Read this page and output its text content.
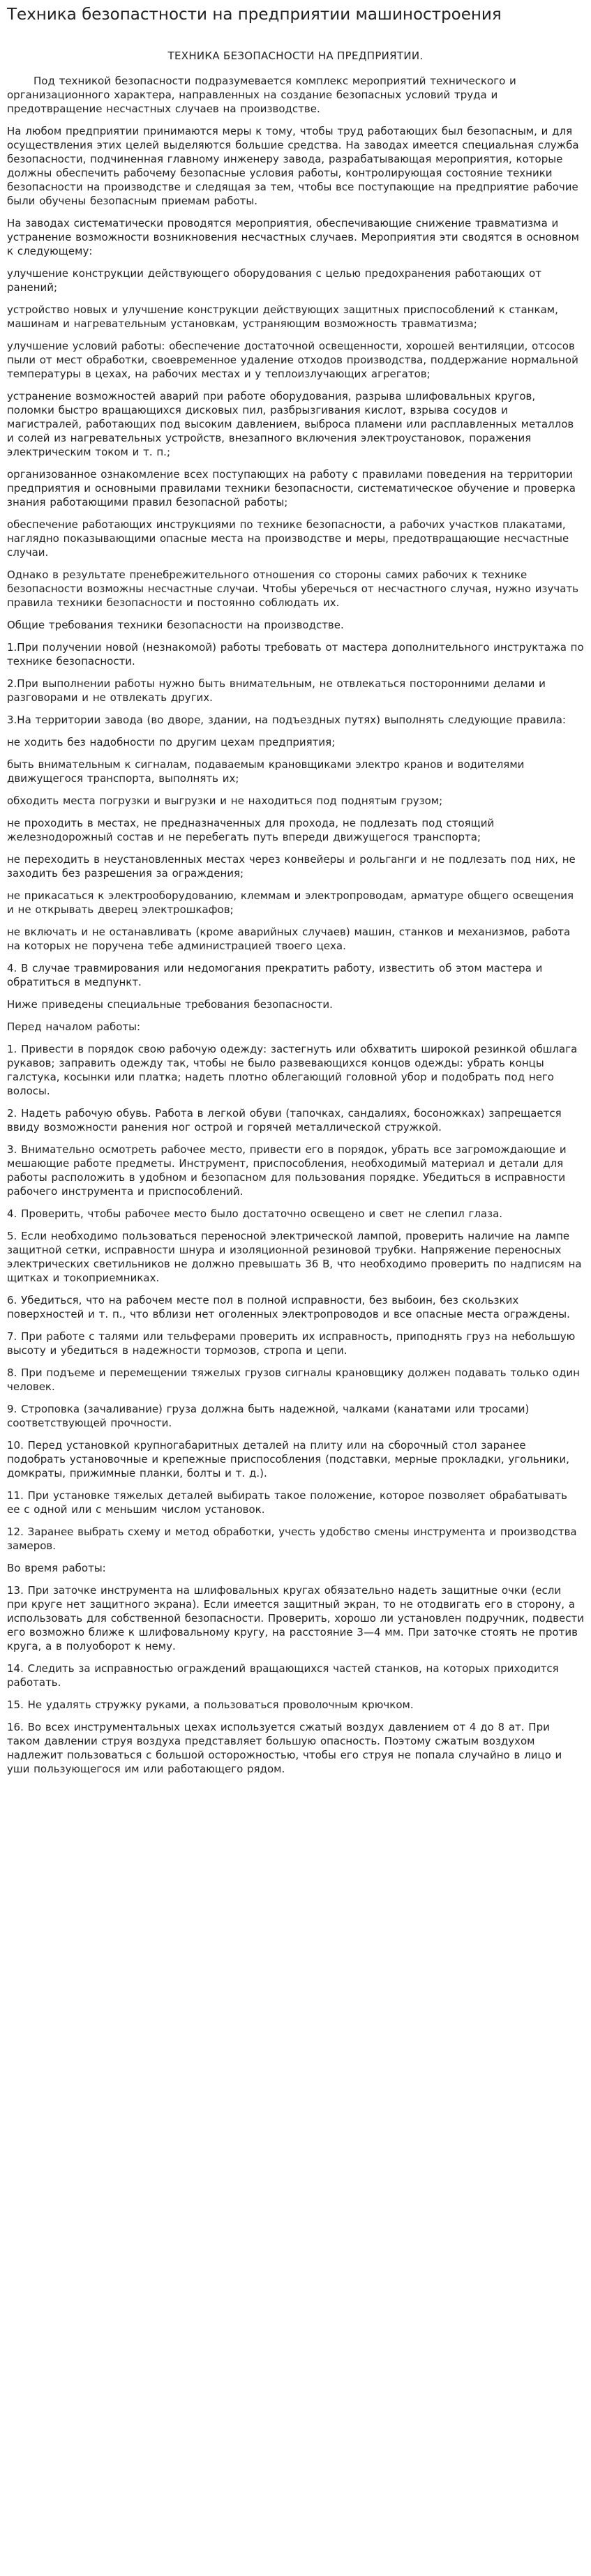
Техника безопастности на предприятии машиностроения
ТЕХНИКА БЕЗОПАСНОСТИ НА ПРЕДПРИЯТИИ.

Под техникой безопасности подразумевается комплекс мероприятий технического и организационного характера, направленных на создание безопасных условий труда и предотвращение несчастных случаев на производстве.

На любом предприятии принимаются меры к тому, чтобы труд работающих был безопасным, и для осуществления этих целей выделяются большие средства. На заводах имеется специальная служба безопасности, подчиненная главному инженеру завода, разрабатывающая мероприятия, которые должны обеспечить рабочему безопасные условия работы, контролирующая состояние техники безопасности на производстве и следящая за тем, чтобы все поступающие на предприятие рабочие были обучены безопасным приемам работы.

На заводах систематически проводятся мероприятия, обеспечивающие снижение травматизма и устранение возможности возникновения несчастных случаев. Мероприятия эти сводятся в основном к следующему:

улучшение конструкции действующего оборудования с целью предохранения работающих от ранений;

устройство новых и улучшение конструкции действующих защитных приспособлений к станкам, машинам и нагревательным установкам, устраняющим возможность травматизма;

улучшение условий работы: обеспечение достаточной освещенности, хорошей вентиляции, отсосов пыли от мест обработки, своевременное удаление отходов производства, поддержание нормальной температуры в цехах, на рабочих местах и у теплоизлучающих агрегатов;

устранение возможностей аварий при работе оборудования, разрыва шлифовальных кругов, поломки быстро вращающихся дисковых пил, разбрызгивания кислот, взрыва сосудов и магистралей, работающих под высоким давлением, выброса пламени или расплавленных металлов и солей из нагревательных устройств, внезапного включения электроустановок, поражения электрическим током и т. п.;

организованное ознакомление всех поступающих на работу с правилами поведения на территории предприятия и основными правилами техники безопасности, систематическое обучение и проверка знания работающими правил безопасной работы;

обеспечение работающих инструкциями по технике безопасности, а рабочих участков плакатами, наглядно показывающими опасные места на производстве и меры, предотвращающие несчастные случаи.

Однако в результате пренебрежительного отношения со стороны самих рабочих к технике безопасности возможны несчастные случаи. Чтобы уберечься от несчастного случая, нужно изучать правила техники безопасности и постоянно соблюдать их.

Общие требования техники безопасности на производстве.

1.При получении новой (незнакомой) работы требовать от мастера дополнительного инструктажа по технике безопасности.

2.При выполнении работы нужно быть внимательным, не отвлекаться посторонними делами и разговорами и не отвлекать других.

3.На территории завода (во дворе, здании, на подъездных путях) выполнять следующие правила:

не ходить без надобности по другим цехам предприятия;

быть внимательным к сигналам, подаваемым крановщиками электро кранов и водителями движущегося транспорта, выполнять их;

обходить места погрузки и выгрузки и не находиться под поднятым грузом;

не проходить в местах, не предназначенных для прохода, не подлезать под стоящий железнодорожный состав и не перебегать путь впереди движущегося транспорта;

не переходить в неустановленных местах через конвейеры и рольганги и не подлезать под них, не заходить без разрешения за ограждения;

не прикасаться к электрооборудованию, клеммам и электропроводам, арматуре общего освещения и не открывать дверец электрошкафов;

не включать и не останавливать (кроме аварийных случаев) машин, станков и механизмов, работа на которых не поручена тебе администрацией твоего цеха.

4. В случае травмирования или недомогания прекратить работу, известить об этом мастера и обратиться в медпункт.

Ниже приведены специальные требования безопасности.

Перед началом работы:

1. Привести в порядок свою рабочую одежду: застегнуть или обхватить широкой резинкой обшлага рукавов; заправить одежду так, чтобы не было развевающихся концов одежды: убрать концы галстука, косынки или платка; надеть плотно облегающий головной убор и подобрать под него волосы.

2. Надеть рабочую обувь. Работа в легкой обуви (тапочках, сандалиях, босоножках) запрещается ввиду возможности ранения ног острой и горячей металлической стружкой.

3. Внимательно осмотреть рабочее место, привести его в порядок, убрать все загромождающие и мешающие работе предметы. Инструмент, приспособления, необходимый материал и детали для работы расположить в удобном и безопасном для пользования порядке. Убедиться в исправности рабочего инструмента и приспособлений.

4. Проверить, чтобы рабочее место было достаточно освещено и свет не слепил глаза.

5. Если необходимо пользоваться переносной электрической лампой, проверить наличие на лампе защитной сетки, исправности шнура и изоляционной резиновой трубки. Напряжение переносных электрических светильников не должно превышать 36 В, что необходимо проверить по надписям на щитках и токоприемниках.

6. Убедиться, что на рабочем месте пол в полной исправности, без выбоин, без скользких поверхностей и т. п., что вблизи нет оголенных электропроводов и все опасные места ограждены.

7. При работе с талями или тельферами проверить их исправность, приподнять груз на небольшую высоту и убедиться в надежности тормозов, стропа и цепи.

8. При подъеме и перемещении тяжелых грузов сигналы крановщику должен подавать только один человек.

9. Строповка (зачаливание) груза должна быть надежной, чалками (канатами или тросами) соответствующей прочности.

10. Перед установкой крупногабаритных деталей на плиту или на сборочный стол заранее подобрать установочные и крепежные приспособления (подставки, мерные прокладки, угольники, домкраты, прижимные планки, болты и т. д.).

11. При установке тяжелых деталей выбирать такое положение, которое позволяет обрабатывать ее с одной или с меньшим числом установок.

12. Заранее выбрать схему и метод обработки, учесть удобство смены инструмента и производства замеров.

Во время работы:

13. При заточке инструмента на шлифовальных кругах обязательно надеть защитные очки (если при круге нет защитного экрана). Если имеется защитный экран, то не отодвигать его в сторону, а использовать для собственной безопасности. Проверить, хорошо ли установлен подручник, подвести его возможно ближе к шлифовальному кругу, на расстояние 3—4 мм. При заточке стоять не против круга, а в полуоборот к нему.

14. Следить за исправностью ограждений вращающихся частей станков, на которых приходится работать.

15. Не удалять стружку руками, а пользоваться проволочным крючком.

16. Во всех инструментальных цехах используется сжатый воздух давлением от 4 до 8 ат. При таком давлении струя воздуха представляет большую опасность. Поэтому сжатым воздухом надлежит пользоваться с большой осторожностью, чтобы его струя не попала случайно в лицо и уши пользующегося им или работающего рядом.
